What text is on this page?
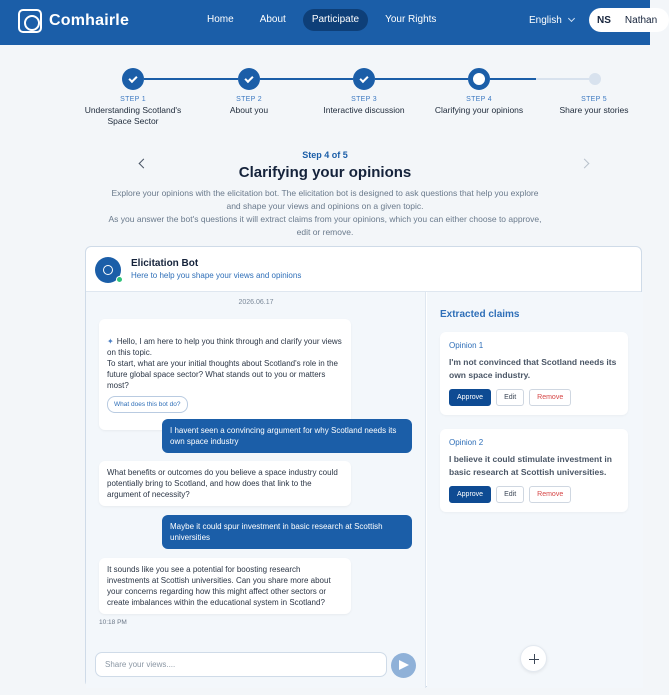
Comhairle	Home	About	Participate	Your Rights	English	NS Nathan
STEP 1
Understanding Scotland's Space Sector
STEP 2
About you
STEP 3
Interactive discussion
STEP 4
Clarifying your opinions
STEP 5
Share your stories
Step 4 of 5
Clarifying your opinions
Explore your opinions with the elicitation bot. The elicitation bot is designed to ask questions that help you explore and shape your views and opinions on a given topic.
As you answer the bot's questions it will extract claims from your opinions, which you can either choose to approve, edit or remove.
Elicitation Bot
Here to help you shape your views and opinions
2026.06.17

✦ Hello, I am here to help you think through and clarify your views on this topic.
To start, what are your initial thoughts about Scotland's role in the future global space sector? What stands out to you or matters most?

What does this bot do?

I havent seen a convincing argument for why Scotland needs its own space industry
What benefits or outcomes do you believe a space industry could potentially bring to Scotland, and how does that link to the argument of necessity?
Maybe it could spur investment in basic research at Scottish universities
It sounds like you see a potential for boosting research investments at Scottish universities. Can you share more about your concerns regarding how this might affect other sectors or create imbalances within the educational system in Scotland?
10:18 PM
Share your views....
Extracted claims
Opinion 1
I'm not convinced that Scotland needs its own space industry.
Approve	Edit	Remove
Opinion 2
I believe it could stimulate investment in basic research at Scottish universities.
Approve	Edit	Remove
